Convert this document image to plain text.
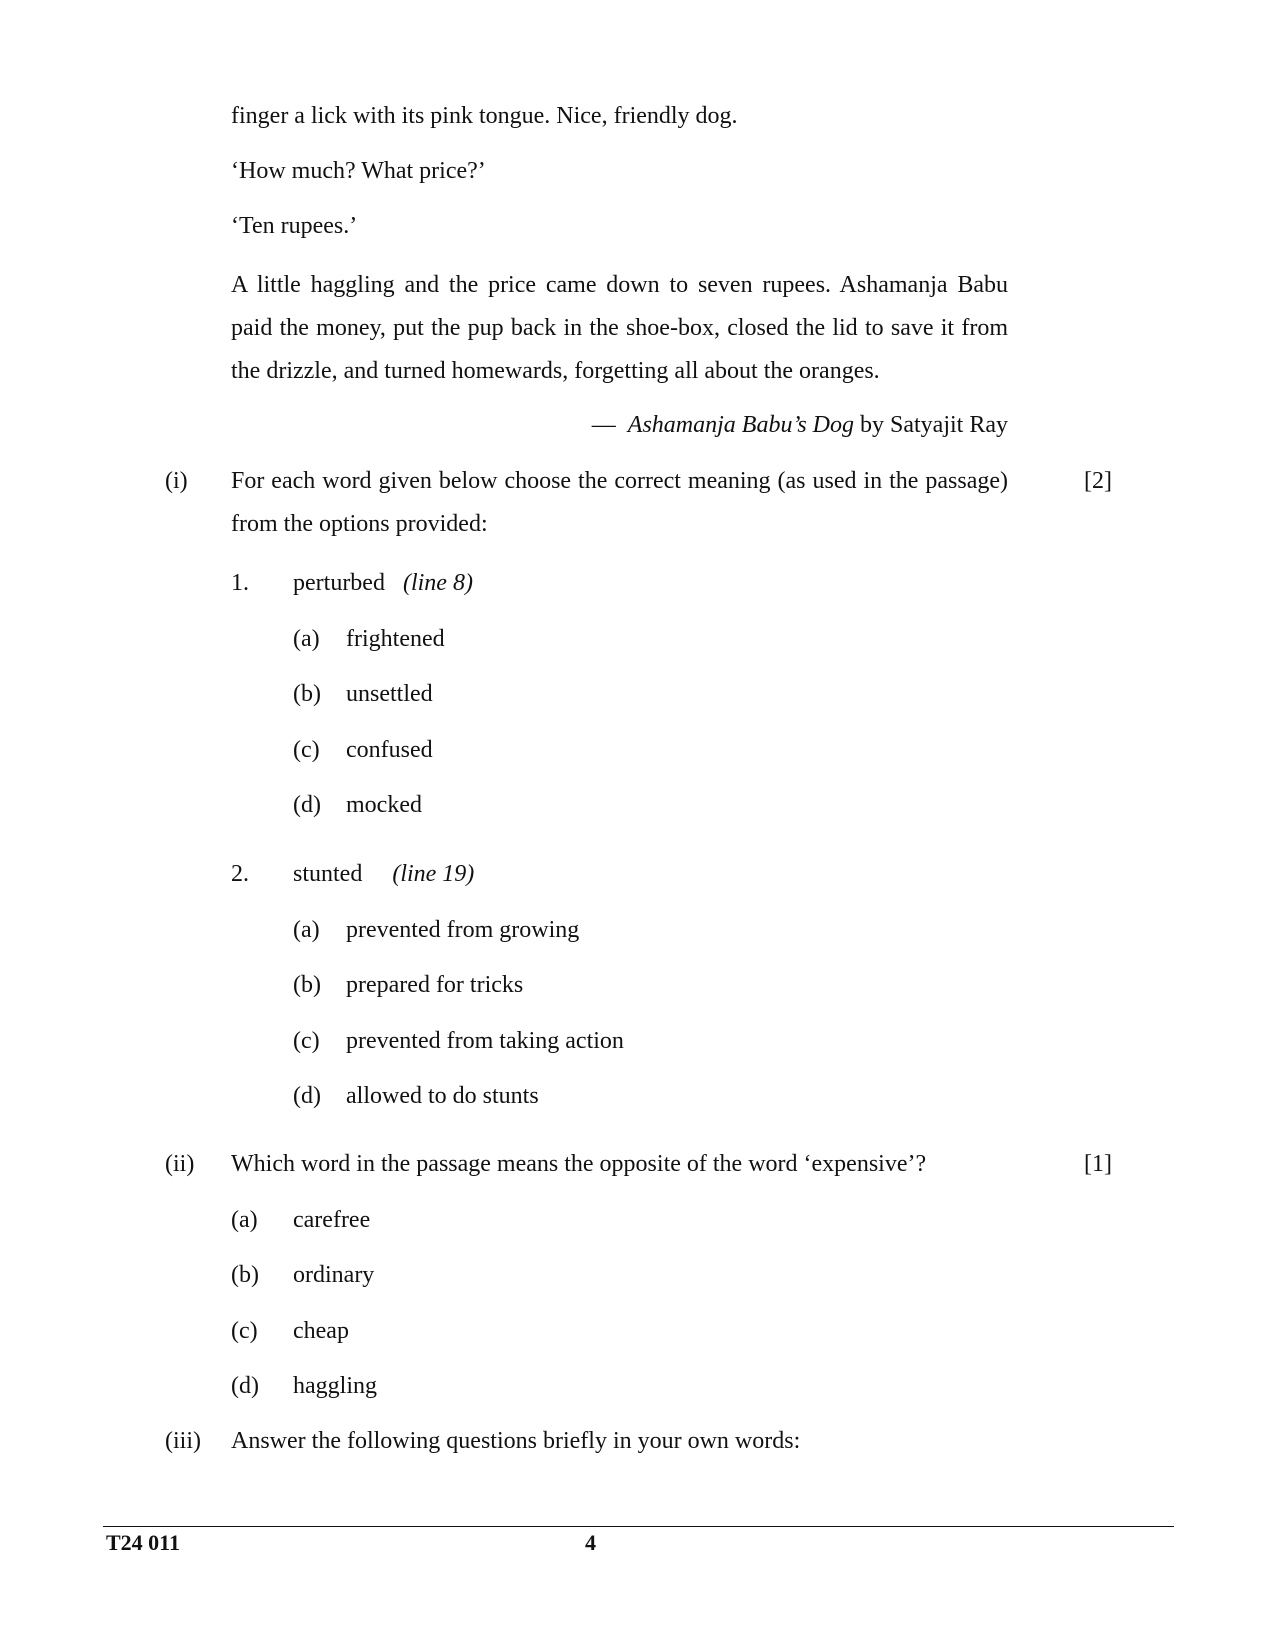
finger a lick with its pink tongue. Nice, friendly dog.
‘How much? What price?’
‘Ten rupees.’
A little haggling and the price came down to seven rupees. Ashamanja Babu paid the money, put the pup back in the shoe-box, closed the lid to save it from the drizzle, and turned homewards, forgetting all about the oranges.
— Ashamanja Babu’s Dog by Satyajit Ray
(i) For each word given below choose the correct meaning (as used in the passage) from the options provided:
[2]
1. perturbed (line 8)
(a) frightened
(b) unsettled
(c) confused
(d) mocked
2. stunted (line 19)
(a) prevented from growing
(b) prepared for tricks
(c) prevented from taking action
(d) allowed to do stunts
(ii) Which word in the passage means the opposite of the word ‘expensive’?	[1]
(a) carefree
(b) ordinary
(c) cheap
(d) haggling
(iii) Answer the following questions briefly in your own words:
T24 011	4
